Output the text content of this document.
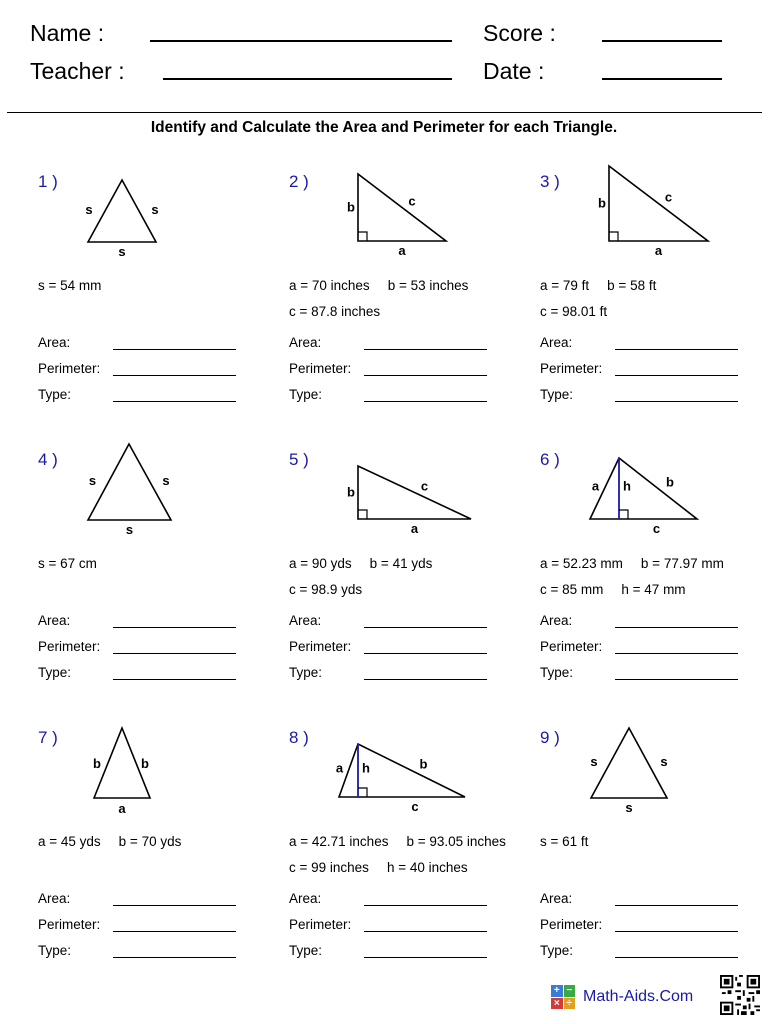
Name :
Teacher :
Score :
Date :
Identify and Calculate the Area and Perimeter for each Triangle.
1 )
s	s
s
s = 54 mm
Area:
Perimeter:
Type:
2 )
b	c
a
a = 70 inches b = 53 inches
c = 87.8 inches
Area:
Perimeter:
Type:
3 )
b	c
a
a = 79 ft b = 58 ft
c = 98.01 ft
Area:
Perimeter:
Type:
4 )
s	s
s
s = 67 cm
Area:
Perimeter:
Type:
5 )
b	c
a
a = 90 yds b = 41 yds
c = 98.9 yds
Area:
Perimeter:
Type:
6 )
a h	b
c
a = 52.23 mm b = 77.97 mm
c = 85 mm h = 47 mm
Area:
Perimeter:
Type:
7 )
b	b
a
a = 45 yds b = 70 yds
Area:
Perimeter:
Type:
8 )
a h	b
c
a = 42.71 inches b = 93.05 inches
c = 99 inches h = 40 inches
Area:
Perimeter:
Type:
9 )
s	s
s
s = 61 ft
Area:
Perimeter:
Type:
+ −
× ÷ Math-Aids.Com
